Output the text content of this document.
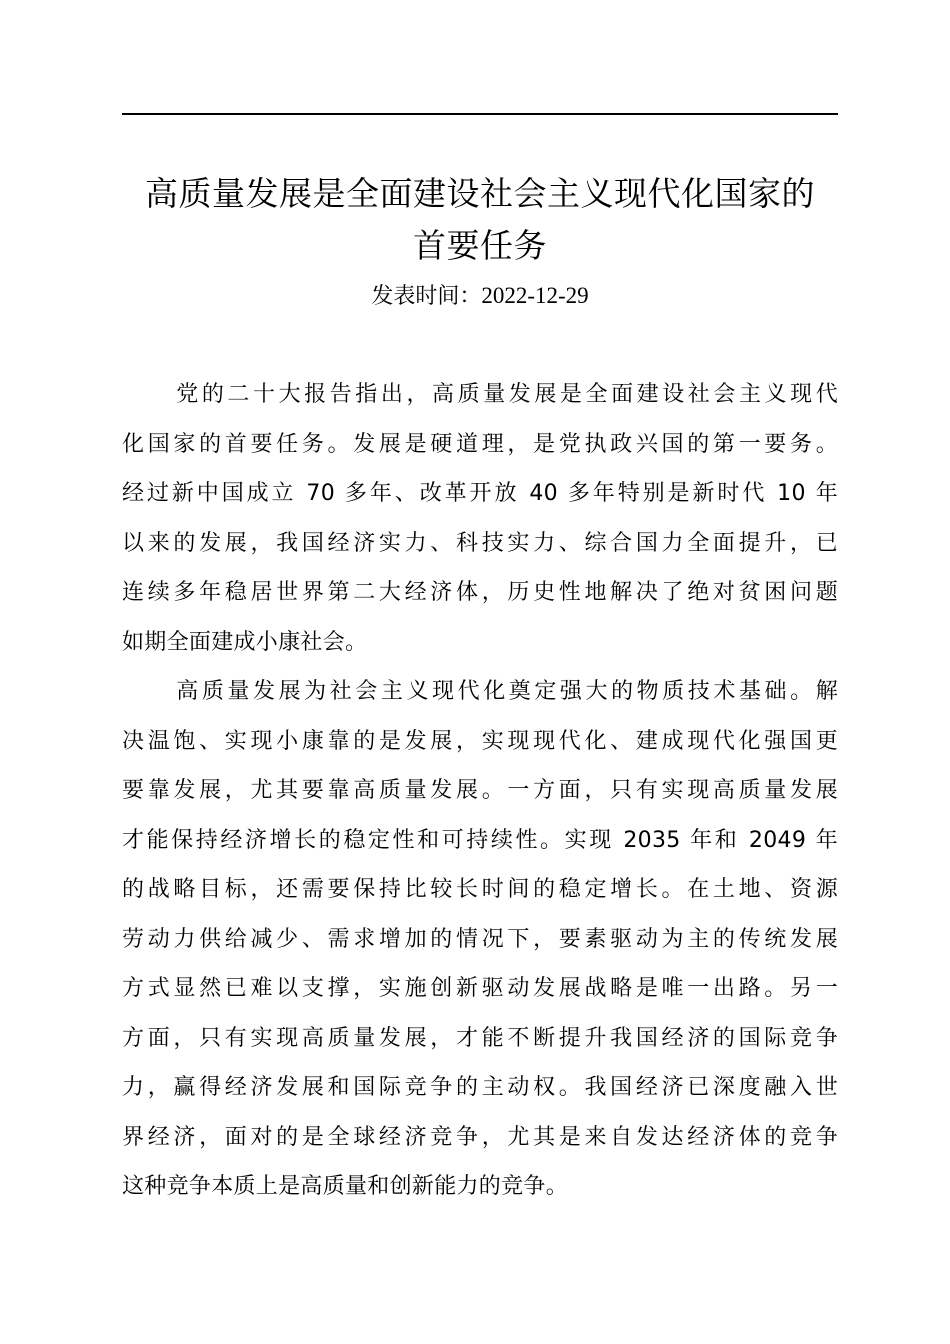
高质量发展是全面建设社会主义现代化国家的
首要任务
发表时间：2022-12-29

党的二十大报告指出，高质量发展是全面建设社会主义现代
化国家的首要任务。发展是硬道理，是党执政兴国的第一要务。
经过新中国成立 70 多年、改革开放 40 多年特别是新时代 10 年
以来的发展，我国经济实力、科技实力、综合国力全面提升，已
连续多年稳居世界第二大经济体，历史性地解决了绝对贫困问题
如期全面建成小康社会。

高质量发展为社会主义现代化奠定强大的物质技术基础。解
决温饱、实现小康靠的是发展，实现现代化、建成现代化强国更
要靠发展，尤其要靠高质量发展。一方面，只有实现高质量发展
才能保持经济增长的稳定性和可持续性。实现 2035 年和 2049 年
的战略目标，还需要保持比较长时间的稳定增长。在土地、资源
劳动力供给减少、需求增加的情况下，要素驱动为主的传统发展
方式显然已难以支撑，实施创新驱动发展战略是唯一出路。另一
方面，只有实现高质量发展，才能不断提升我国经济的国际竞争
力，赢得经济发展和国际竞争的主动权。我国经济已深度融入世
界经济，面对的是全球经济竞争，尤其是来自发达经济体的竞争
这种竞争本质上是高质量和创新能力的竞争。
